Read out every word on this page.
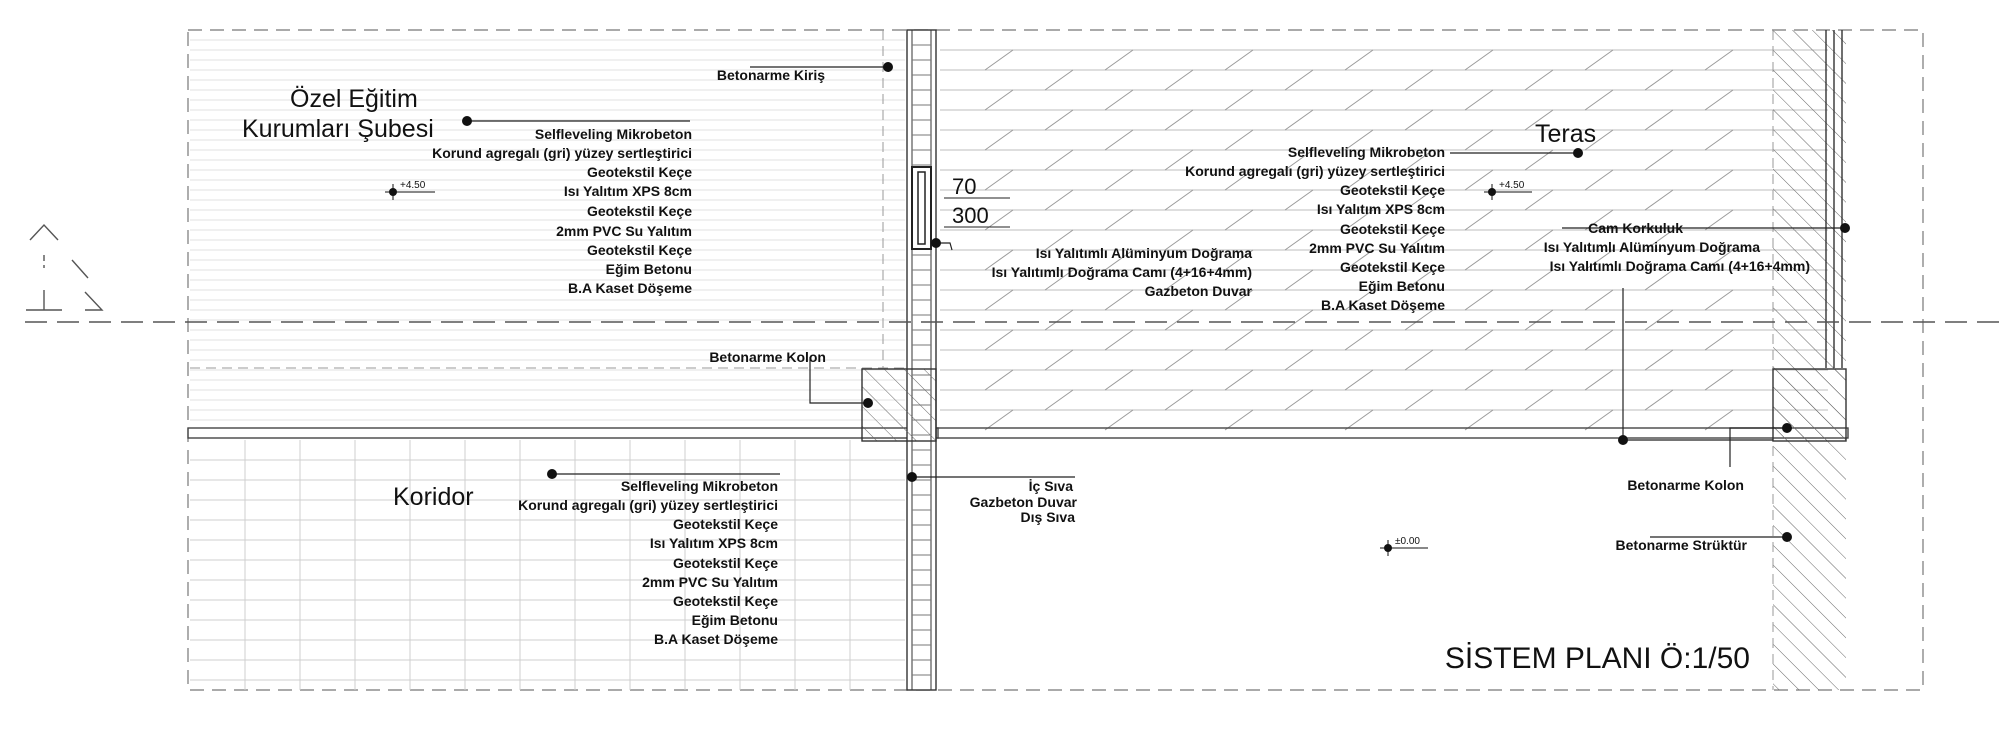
70
300
+4.50	+4.50
±0.00
Özel Eğitim
Kurumları Şubesi
Koridor
Teras
Selfleveling Mikrobeton
Korund agregalı (gri) yüzey sertleştirici
Geotekstil Keçe
Isı Yalıtım XPS 8cm
Geotekstil Keçe
2mm PVC Su Yalıtım
Geotekstil Keçe
Eğim Betonu
B.A Kaset Döşeme
Selfleveling Mikrobeton
Korund agregalı (gri) yüzey sertleştirici
Geotekstil Keçe
Isı Yalıtım XPS 8cm
Geotekstil Keçe
2mm PVC Su Yalıtım
Geotekstil Keçe
Eğim Betonu
B.A Kaset Döşeme
Selfleveling Mikrobeton
Korund agregalı (gri) yüzey sertleştirici
Geotekstil Keçe
Isı Yalıtım XPS 8cm
Geotekstil Keçe
2mm PVC Su Yalıtım
Geotekstil Keçe
Eğim Betonu
B.A Kaset Döşeme
Isı Yalıtımlı Alüminyum Doğrama
Isı Yalıtımlı Doğrama Camı (4+16+4mm)
Gazbeton Duvar
Cam Korkuluk
Isı Yalıtımlı Alüminyum Doğrama
Isı Yalıtımlı Doğrama Camı (4+16+4mm)
İç Sıva
Gazbeton Duvar
Dış Sıva
Betonarme Kiriş
Betonarme Kolon
Betonarme Kolon
Betonarme Strüktür
SİSTEM PLANI Ö:1/50
